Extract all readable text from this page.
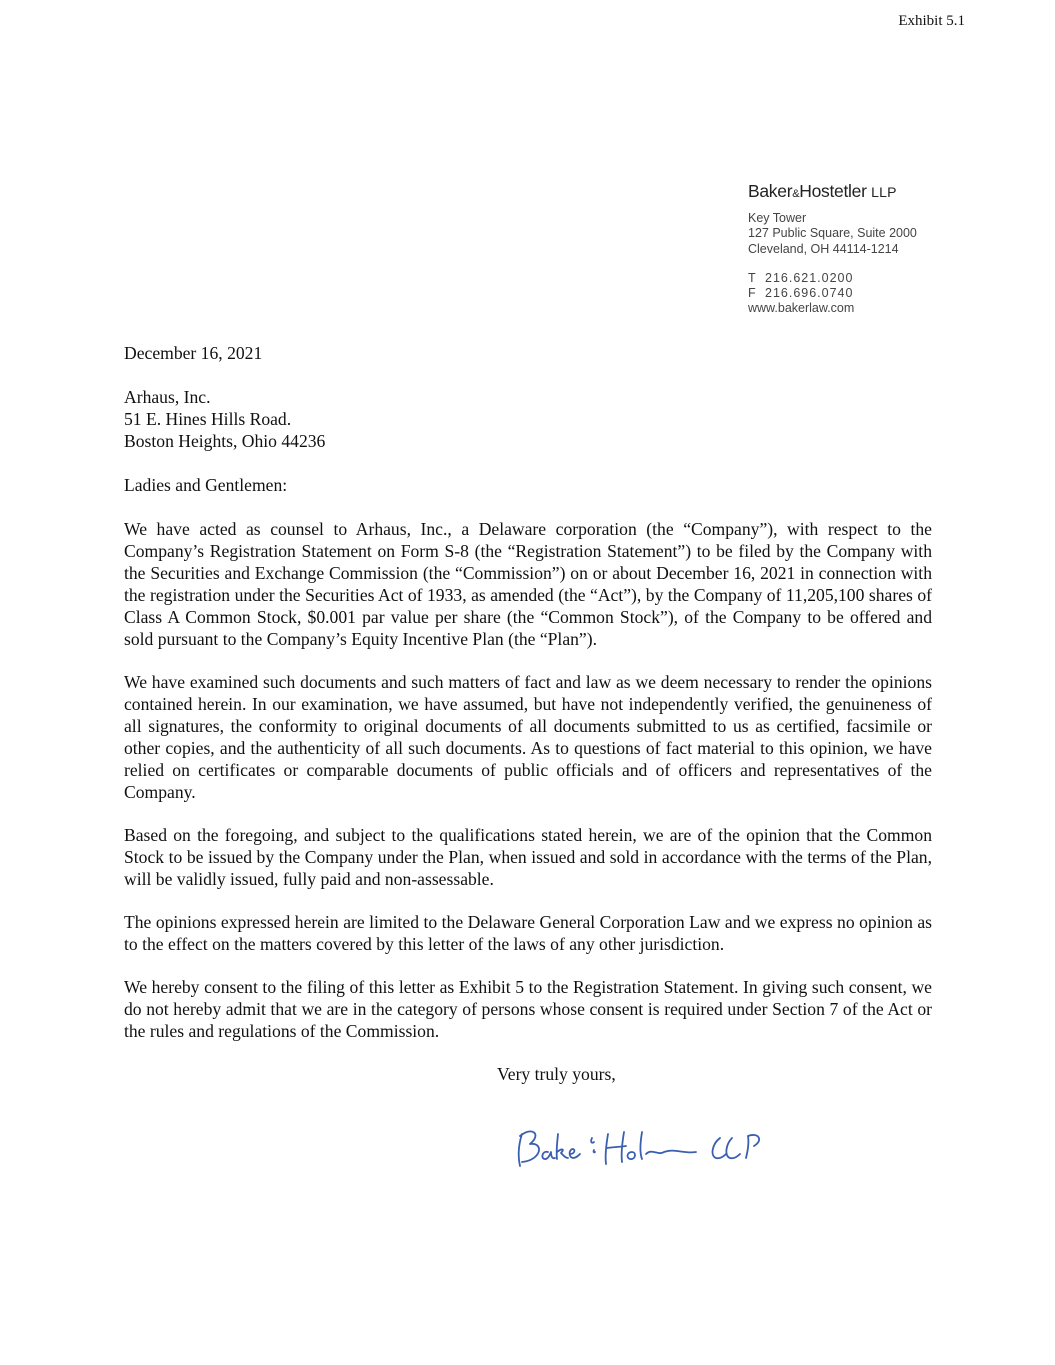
Exhibit 5.1
Baker&Hostetler LLP
Key Tower
127 Public Square, Suite 2000
Cleveland, OH 44114-1214
T 216.621.0200
F 216.696.0740
www.bakerlaw.com
December 16, 2021
Arhaus, Inc.
51 E. Hines Hills Road.
Boston Heights, Ohio 44236
Ladies and Gentlemen:

We have acted as counsel to Arhaus, Inc., a Delaware corporation (the “Company”), with respect to the Company’s Registration Statement on Form S-8 (the “Registration Statement”) to be filed by the Company with the Securities and Exchange Commission (the “Commission”) on or about December 16, 2021 in connection with the registration under the Securities Act of 1933, as amended (the “Act”), by the Company of 11,205,100 shares of Class A Common Stock, $0.001 par value per share (the “Common Stock”), of the Company to be offered and sold pursuant to the Company’s Equity Incentive Plan (the “Plan”).

We have examined such documents and such matters of fact and law as we deem necessary to render the opinions contained herein. In our examination, we have assumed, but have not independently verified, the genuineness of all signatures, the conformity to original documents of all documents submitted to us as certified, facsimile or other copies, and the authenticity of all such documents. As to questions of fact material to this opinion, we have relied on certificates or comparable documents of public officials and of officers and representatives of the Company.

Based on the foregoing, and subject to the qualifications stated herein, we are of the opinion that the Common Stock to be issued by the Company under the Plan, when issued and sold in accordance with the terms of the Plan, will be validly issued, fully paid and non-assessable.

The opinions expressed herein are limited to the Delaware General Corporation Law and we express no opinion as to the effect on the matters covered by this letter of the laws of any other jurisdiction.

We hereby consent to the filing of this letter as Exhibit 5 to the Registration Statement. In giving such consent, we do not hereby admit that we are in the category of persons whose consent is required under Section 7 of the Act or the rules and regulations of the Commission.

Very truly yours,
